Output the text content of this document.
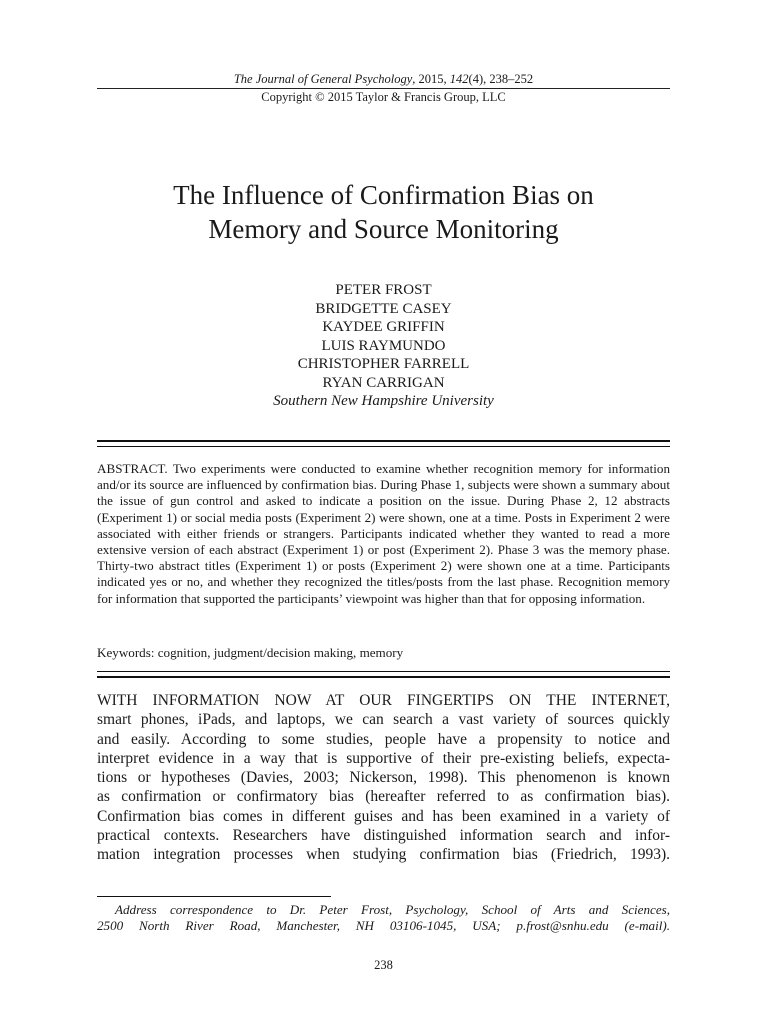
The Journal of General Psychology, 2015, 142(4), 238–252
Copyright © 2015 Taylor & Francis Group, LLC
The Influence of Confirmation Bias on
Memory and Source Monitoring
PETER FROST
BRIDGETTE CASEY
KAYDEE GRIFFIN
LUIS RAYMUNDO
CHRISTOPHER FARRELL
RYAN CARRIGAN
Southern New Hampshire University

ABSTRACT. Two experiments were conducted to examine whether recognition memory for information and/or its source are influenced by confirmation bias. During Phase 1, subjects were shown a summary about the issue of gun control and asked to indicate a position on the issue. During Phase 2, 12 abstracts (Experiment 1) or social media posts (Experiment 2) were shown, one at a time. Posts in Experiment 2 were associated with either friends or strangers. Participants indicated whether they wanted to read a more extensive version of each abstract (Experiment 1) or post (Experiment 2). Phase 3 was the memory phase. Thirty-two abstract titles (Experiment 1) or posts (Experiment 2) were shown one at a time. Participants indicated yes or no, and whether they recognized the titles/posts from the last phase. Recognition memory for information that supported the participants’ viewpoint was higher than that for opposing information.

Keywords: cognition, judgment/decision making, memory
WITH INFORMATION NOW AT OUR FINGERTIPS ON THE INTERNET,
smart phones, iPads, and laptops, we can search a vast variety of sources quickly
and easily. According to some studies, people have a propensity to notice and
interpret evidence in a way that is supportive of their pre-existing beliefs, expecta-
tions or hypotheses (Davies, 2003; Nickerson, 1998). This phenomenon is known
as confirmation or confirmatory bias (hereafter referred to as confirmation bias).
Confirmation bias comes in different guises and has been examined in a variety of
practical contexts. Researchers have distinguished information search and infor-
mation integration processes when studying confirmation bias (Friedrich, 1993).
Address correspondence to Dr. Peter Frost, Psychology, School of Arts and Sciences,
2500 North River Road, Manchester, NH 03106-1045, USA; p.frost@snhu.edu (e-mail).
238
